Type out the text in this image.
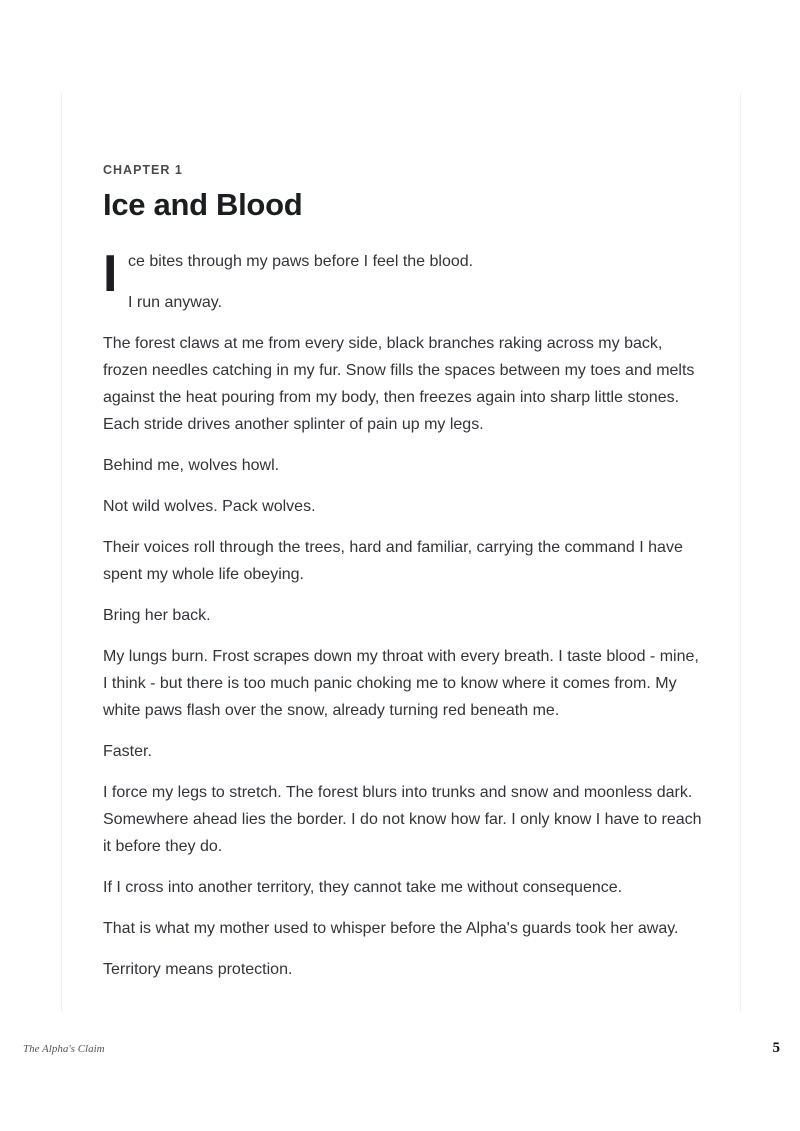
CHAPTER 1
Ice and Blood
I ce bites through my paws before I feel the blood.

I run anyway.

The forest claws at me from every side, black branches raking across my back, frozen needles catching in my fur. Snow fills the spaces between my toes and melts against the heat pouring from my body, then freezes again into sharp little stones. Each stride drives another splinter of pain up my legs.

Behind me, wolves howl.

Not wild wolves. Pack wolves.

Their voices roll through the trees, hard and familiar, carrying the command I have spent my whole life obeying.

Bring her back.

My lungs burn. Frost scrapes down my throat with every breath. I taste blood - mine, I think - but there is too much panic choking me to know where it comes from. My white paws flash over the snow, already turning red beneath me.

Faster.

I force my legs to stretch. The forest blurs into trunks and snow and moonless dark. Somewhere ahead lies the border. I do not know how far. I only know I have to reach it before they do.

If I cross into another territory, they cannot take me without consequence.

That is what my mother used to whisper before the Alpha's guards took her away.

Territory means protection.

The Alpha's Claim	5
